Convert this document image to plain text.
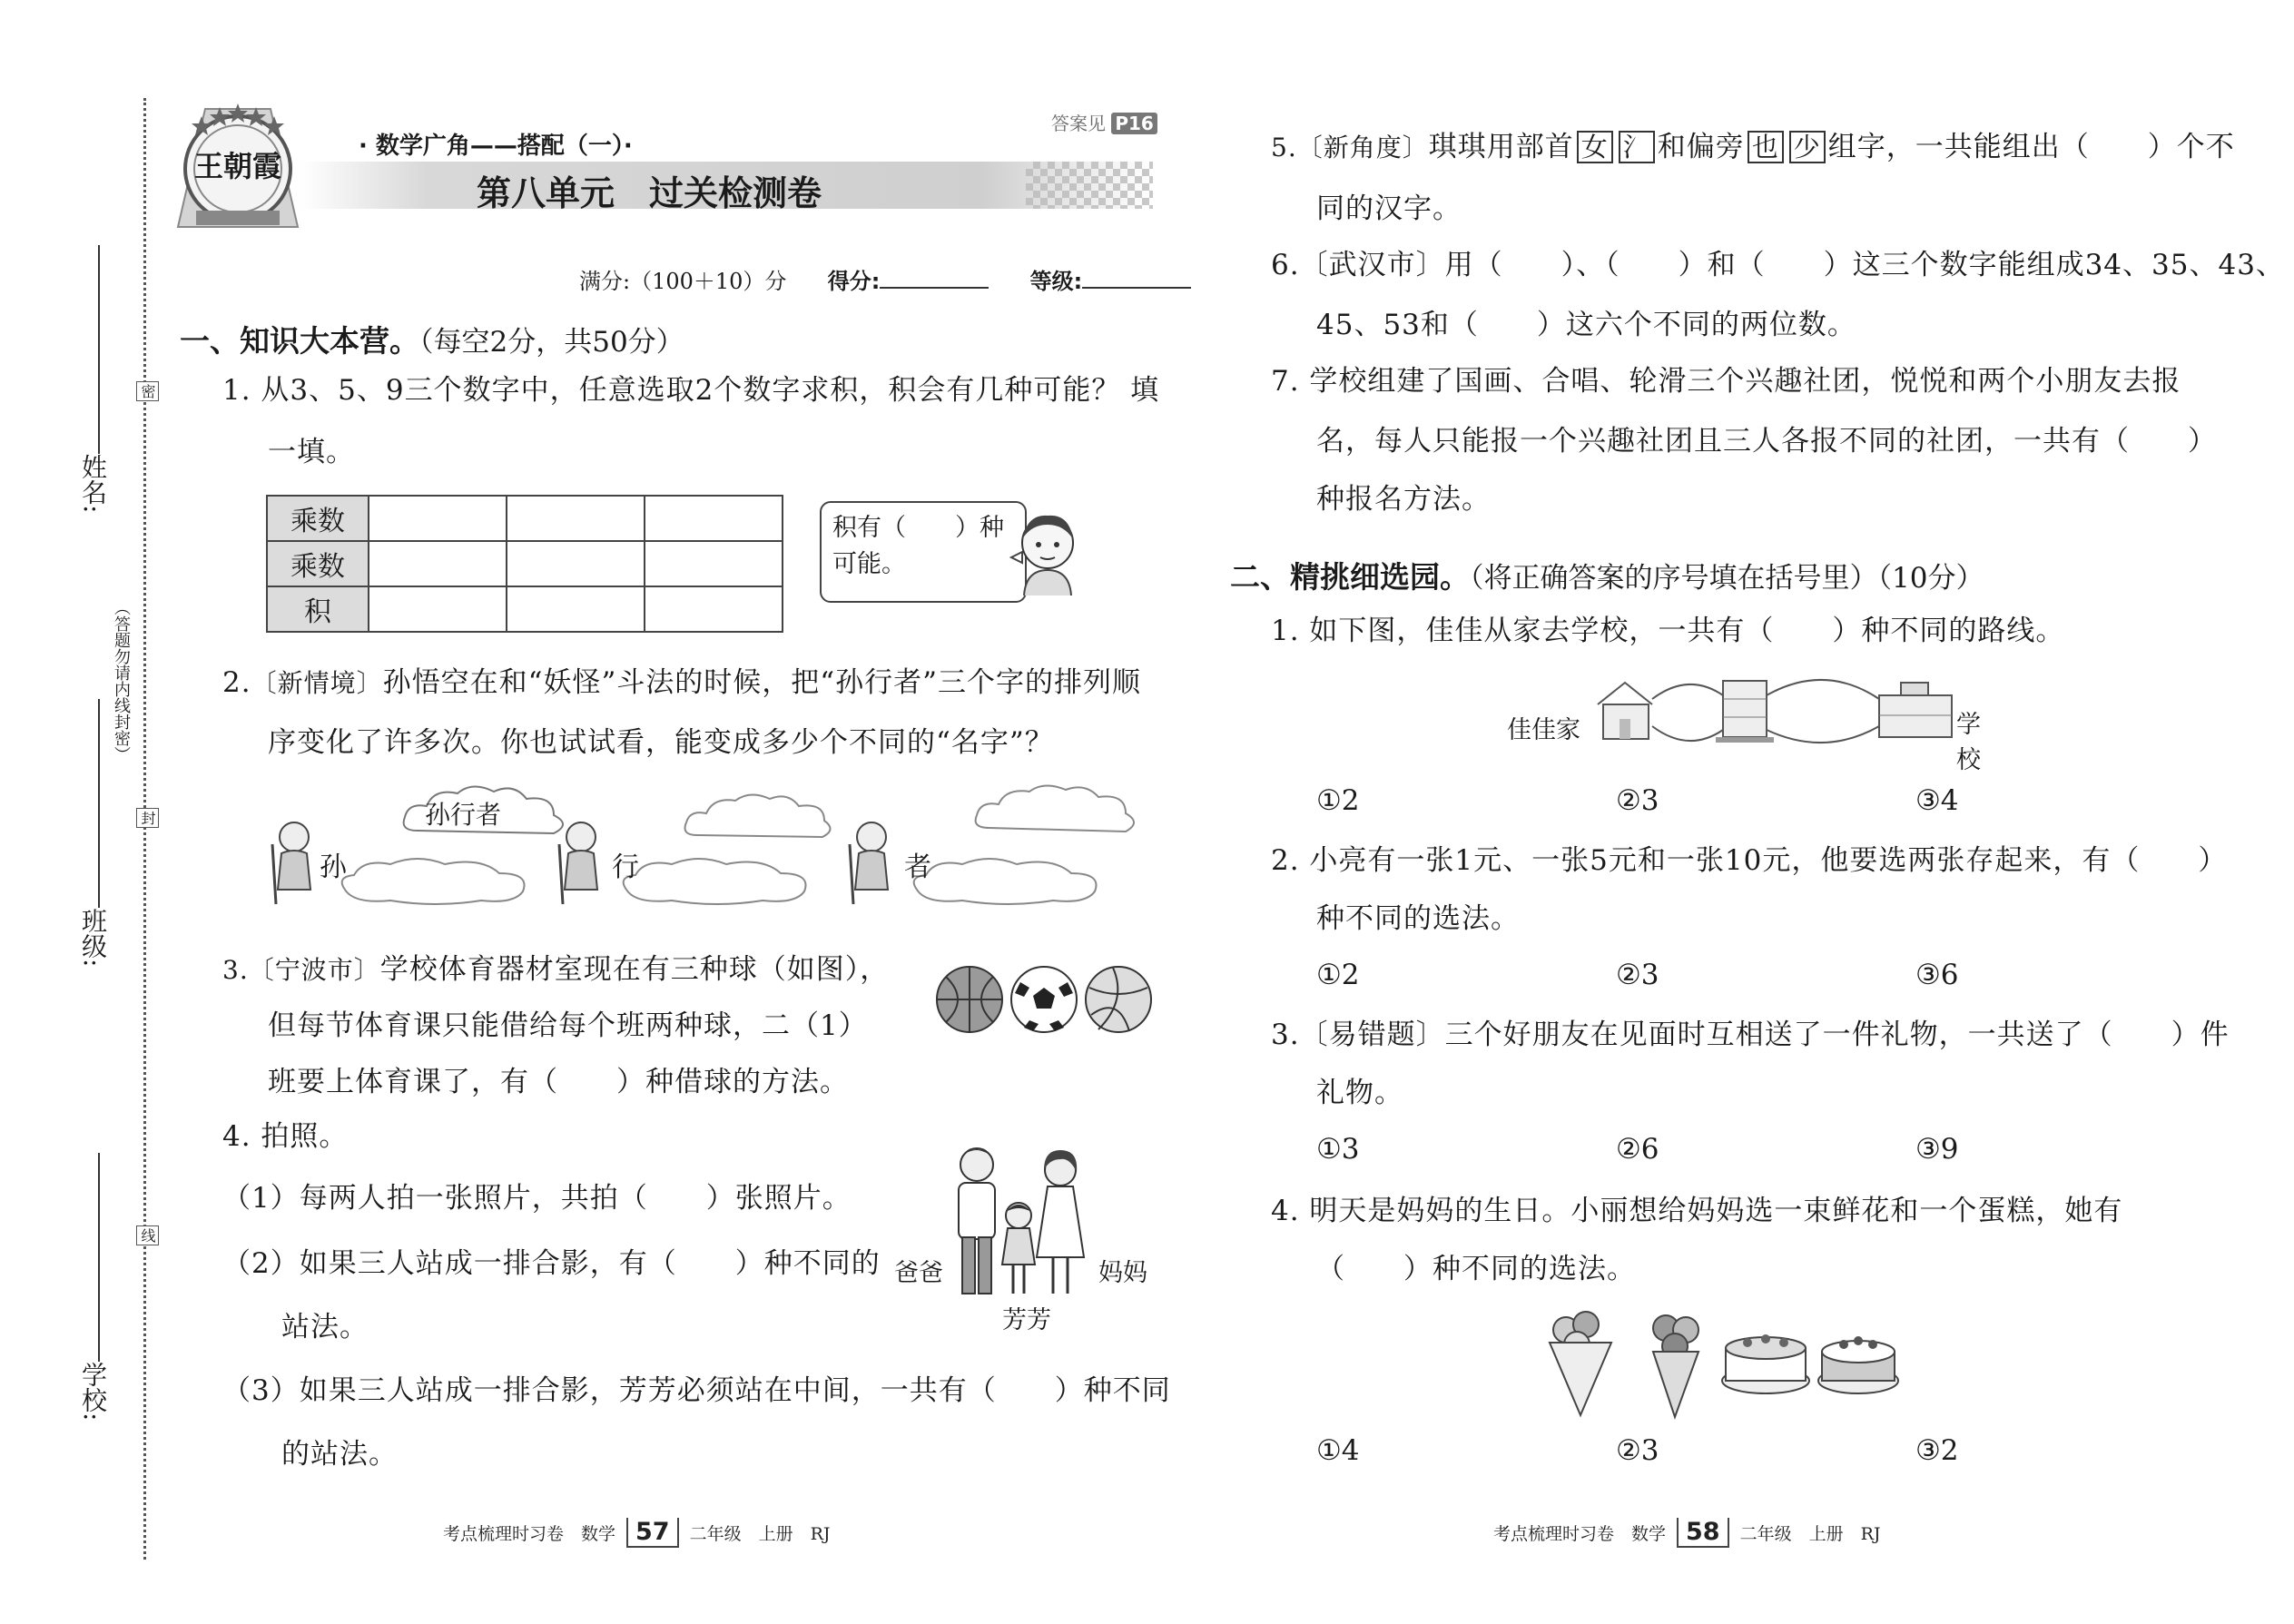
姓名:
班级:
学校:
（答题勿请内线封密）
密
封
线
王朝霞
· 数学广角——搭配（一）·
第八单元　过关检测卷
答案见 P16
满分:（100＋10）分 得分:	等级:
一、知识大本营。（每空2分，共50分）
1. 从3、5、9三个数字中，任意选取2个数字求积，积会有几种可能？ 填
一填。
乘数			
乘数			
积			
积有（　　）种
可能。
2.〔新情境〕孙悟空在和“妖怪”斗法的时候，把“孙行者”三个字的排列顺
序变化了许多次。你也试试看，能变成多少个不同的“名字”？
孙行者
孙	行	者
3.〔宁波市〕学校体育器材室现在有三种球（如图），
但每节体育课只能借给每个班两种球，二（1）
班要上体育课了，有（　　）种借球的方法。
4. 拍照。
（1）每两人拍一张照片，共拍（　　）张照片。
（2）如果三人站成一排合影，有（　　）种不同的
站法。
（3）如果三人站成一排合影，芳芳必须站在中间，一共有（　　）种不同
的站法。
爸爸	妈妈
芳芳
考点梳理时习卷　数学 57 二年级　上册　RJ
5.〔新角度〕琪琪用部首 女 氵 和偏旁 也 少 组字，一共能组出（　　）个不
同的汉字。
6.〔武汉市〕用（　　）、（　　）和（　　）这三个数字能组成34、35、43、
45、53和（　　）这六个不同的两位数。
7. 学校组建了国画、合唱、轮滑三个兴趣社团，悦悦和两个小朋友去报
名，每人只能报一个兴趣社团且三人各报不同的社团，一共有（　　）
种报名方法。
二、精挑细选园。（将正确答案的序号填在括号里）（10分）
1. 如下图，佳佳从家去学校，一共有（　　）种不同的路线。
佳佳家	学校
①2	②3	③4
2. 小亮有一张1元、一张5元和一张10元，他要选两张存起来，有（　　）
种不同的选法。
①2	②3	③6
3.〔易错题〕三个好朋友在见面时互相送了一件礼物，一共送了（　　）件
礼物。
①3	②6	③9
4. 明天是妈妈的生日。小丽想给妈妈选一束鲜花和一个蛋糕，她有
（　　）种不同的选法。
①4	②3	③2
考点梳理时习卷　数学 58 二年级　上册　RJ
